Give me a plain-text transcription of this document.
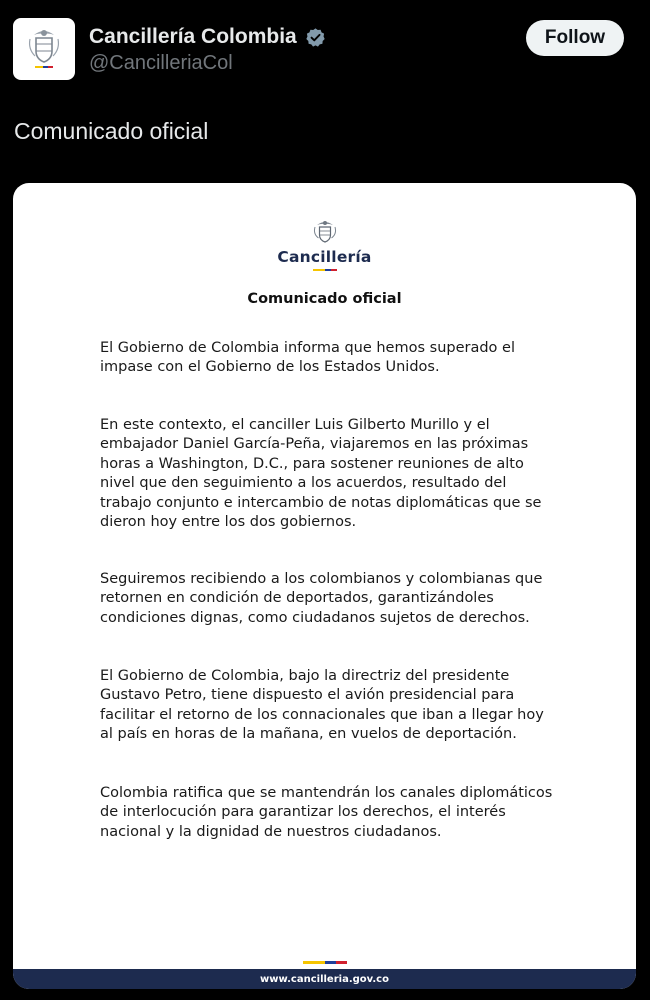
Cancillería Colombia
@CancilleriaCol
Follow
Comunicado oficial
Cancillería
Comunicado oficial

El Gobierno de Colombia informa que hemos superado el impase con el Gobierno de los Estados Unidos.

En este contexto, el canciller Luis Gilberto Murillo y el embajador Daniel García-Peña, viajaremos en las próximas horas a Washington, D.C., para sostener reuniones de alto nivel que den seguimiento a los acuerdos, resultado del trabajo conjunto e intercambio de notas diplomáticas que se dieron hoy entre los dos gobiernos.

Seguiremos recibiendo a los colombianos y colombianas que retornen en condición de deportados, garantizándoles condiciones dignas, como ciudadanos sujetos de derechos.

El Gobierno de Colombia, bajo la directriz del presidente Gustavo Petro, tiene dispuesto el avión presidencial para facilitar el retorno de los connacionales que iban a llegar hoy al país en horas de la mañana, en vuelos de deportación.

Colombia ratifica que se mantendrán los canales diplomáticos de interlocución para garantizar los derechos, el interés nacional y la dignidad de nuestros ciudadanos.

www.cancilleria.gov.co
